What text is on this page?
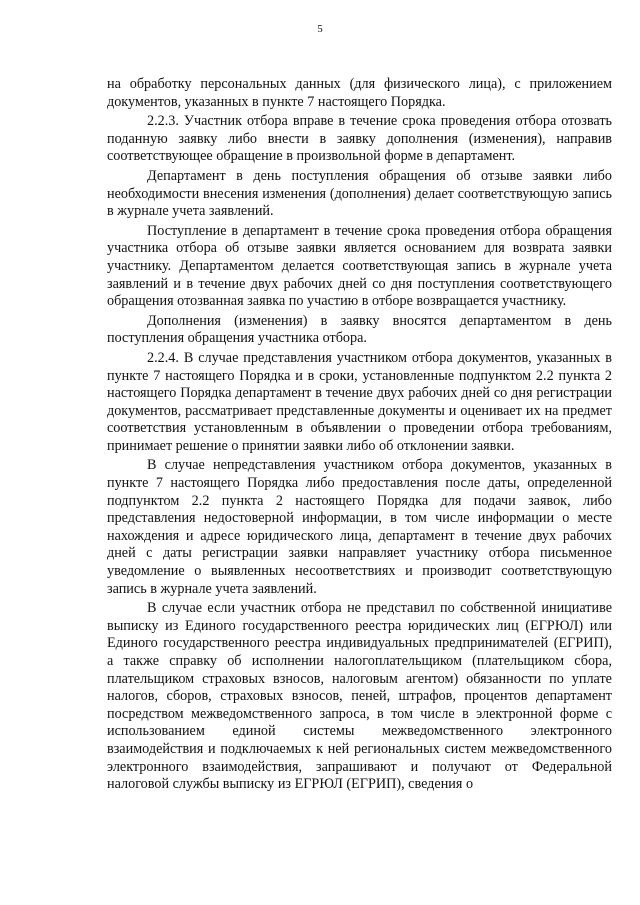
5

на обработку персональных данных (для физического лица), с приложением документов, указанных в пункте 7 настоящего Порядка.

2.2.3. Участник отбора вправе в течение срока проведения отбора отозвать поданную заявку либо внести в заявку дополнения (изменения), направив соответствующее обращение в произвольной форме в департамент.

Департамент в день поступления обращения об отзыве заявки либо необходимости внесения изменения (дополнения) делает соответствующую запись в журнале учета заявлений.

Поступление в департамент в течение срока проведения отбора обращения участника отбора об отзыве заявки является основанием для возврата заявки участнику. Департаментом делается соответствующая запись в журнале учета заявлений и в течение двух рабочих дней со дня поступления соответствующего обращения отозванная заявка по участию в отборе возвращается участнику.

Дополнения (изменения) в заявку вносятся департаментом в день поступления обращения участника отбора.

2.2.4. В случае представления участником отбора документов, указанных в пункте 7 настоящего Порядка и в сроки, установленные подпунктом 2.2 пункта 2 настоящего Порядка департамент в течение двух рабочих дней со дня регистрации документов, рассматривает представленные документы и оценивает их на предмет соответствия установленным в объявлении о проведении отбора требованиям, принимает решение о принятии заявки либо об отклонении заявки.

В случае непредставления участником отбора документов, указанных в пункте 7 настоящего Порядка либо предоставления после даты, определенной подпунктом 2.2 пункта 2 настоящего Порядка для подачи заявок, либо представления недостоверной информации, в том числе информации о месте нахождения и адресе юридического лица, департамент в течение двух рабочих дней с даты регистрации заявки направляет участнику отбора письменное уведомление о выявленных несоответствиях и производит соответствующую запись в журнале учета заявлений.

В случае если участник отбора не представил по собственной инициативе выписку из Единого государственного реестра юридических лиц (ЕГРЮЛ) или Единого государственного реестра индивидуальных предпринимателей (ЕГРИП), а также справку об исполнении налогоплательщиком (плательщиком сбора, плательщиком страховых взносов, налоговым агентом) обязанности по уплате налогов, сборов, страховых взносов, пеней, штрафов, процентов департамент посредством межведомственного запроса, в том числе в электронной форме с использованием единой системы межведомственного электронного взаимодействия и подключаемых к ней региональных систем межведомственного электронного взаимодействия, запрашивают и получают от Федеральной налоговой службы выписку из ЕГРЮЛ (ЕГРИП), сведения о
